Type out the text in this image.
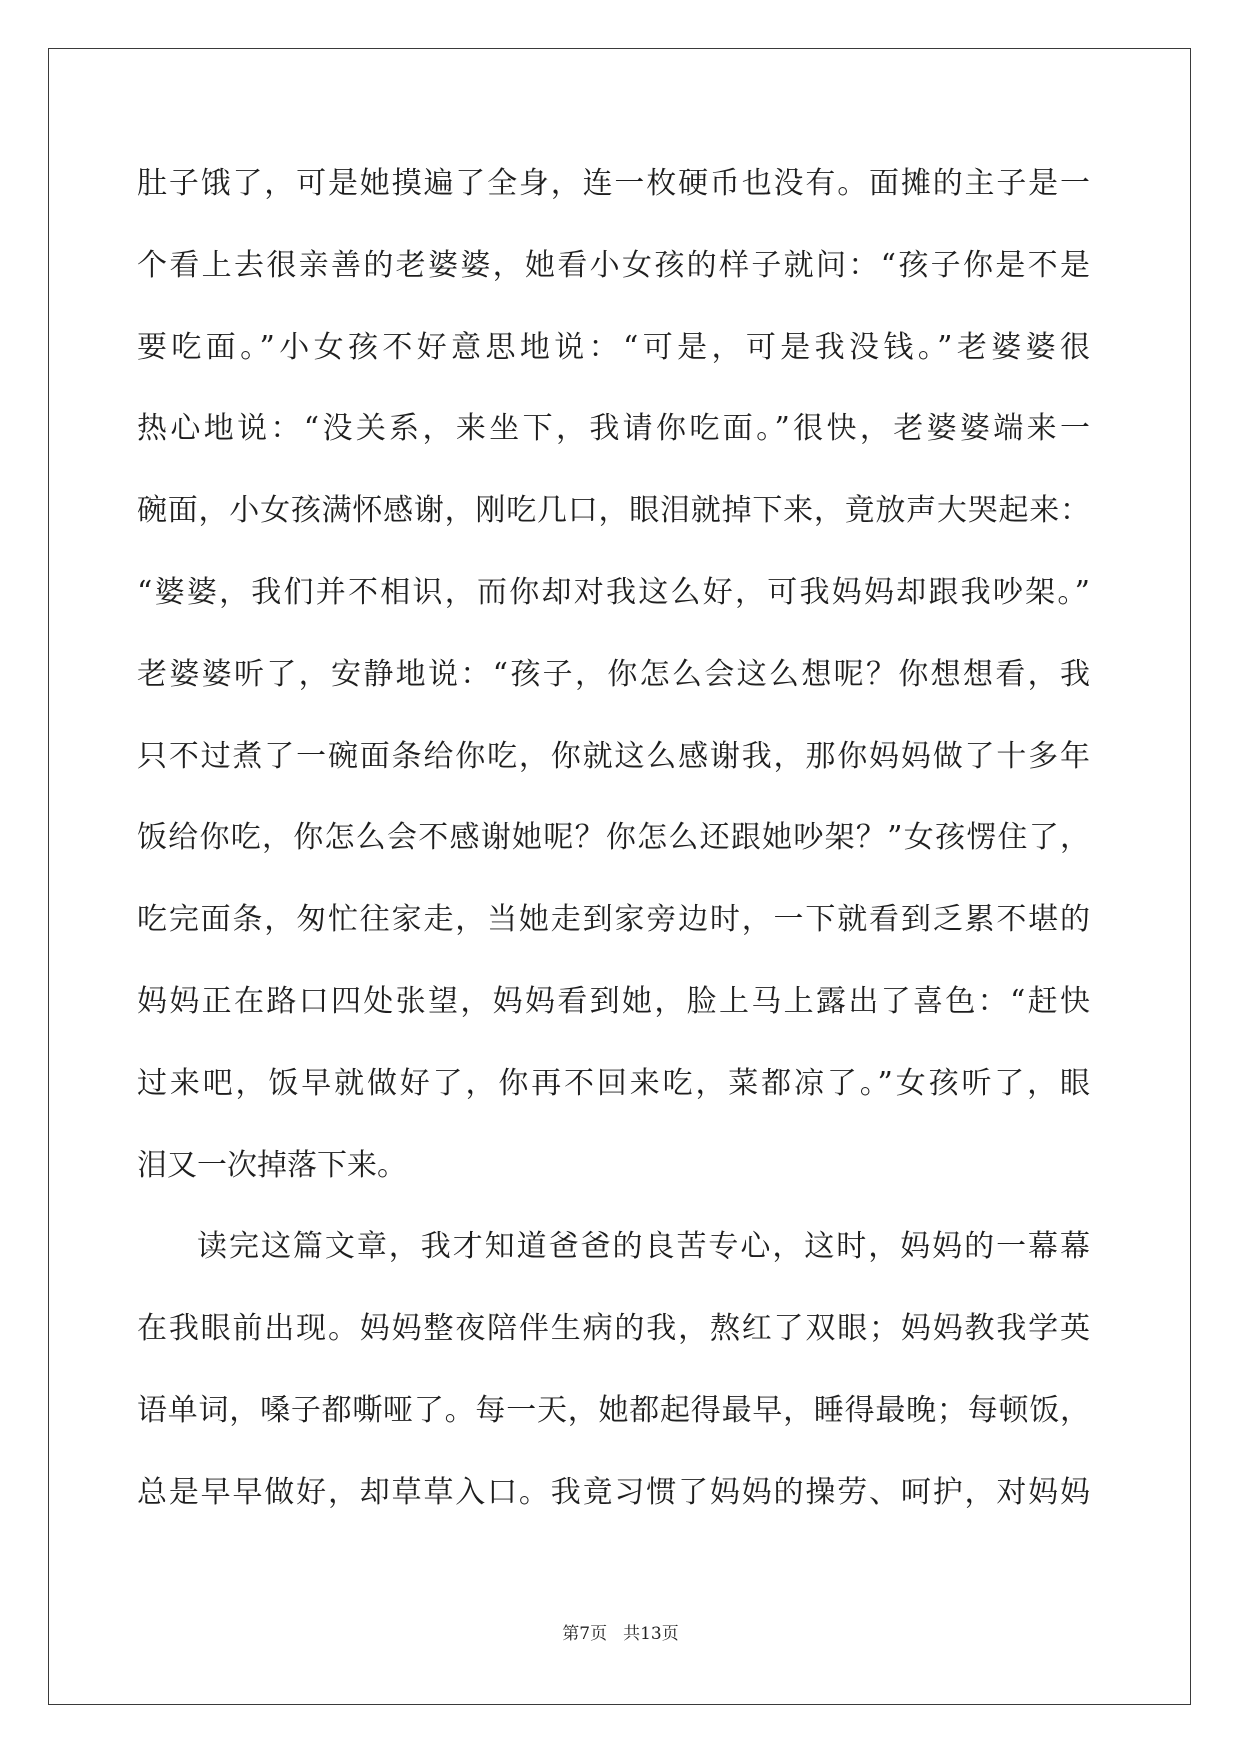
肚子饿了，可是她摸遍了全身，连一枚硬币也没有。面摊的主子是一
个看上去很亲善的老婆婆，她看小女孩的样子就问：“孩子你是不是
要吃面。”小女孩不好意思地说：“可是，可是我没钱。”老婆婆很
热心地说：“没关系，来坐下，我请你吃面。”很快，老婆婆端来一
碗面，小女孩满怀感谢，刚吃几口，眼泪就掉下来，竟放声大哭起来：
“婆婆，我们并不相识，而你却对我这么好，可我妈妈却跟我吵架。”
老婆婆听了，安静地说：“孩子，你怎么会这么想呢？你想想看，我
只不过煮了一碗面条给你吃，你就这么感谢我，那你妈妈做了十多年
饭给你吃，你怎么会不感谢她呢？你怎么还跟她吵架？”女孩愣住了，
吃完面条，匆忙往家走，当她走到家旁边时，一下就看到乏累不堪的
妈妈正在路口四处张望，妈妈看到她，脸上马上露出了喜色：“赶快
过来吧，饭早就做好了，你再不回来吃，菜都凉了。”女孩听了，眼
泪又一次掉落下来。
读完这篇文章，我才知道爸爸的良苦专心，这时，妈妈的一幕幕
在我眼前出现。妈妈整夜陪伴生病的我，熬红了双眼；妈妈教我学英
语单词，嗓子都嘶哑了。每一天，她都起得最早，睡得最晚；每顿饭，
总是早早做好，却草草入口。我竟习惯了妈妈的操劳、呵护，对妈妈
第7页 共13页
